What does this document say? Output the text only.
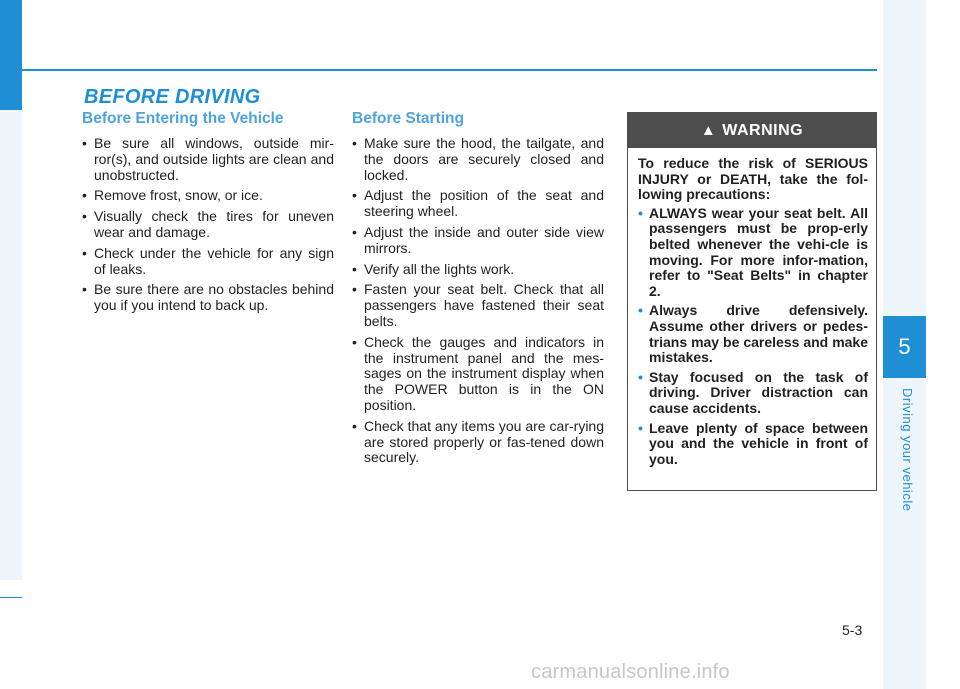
5
Driving your vehicle
BEFORE DRIVING
Before Entering the Vehicle
• Be sure all windows, outside mir-ror(s), and outside lights are clean and unobstructed.
• Remove frost, snow, or ice.
• Visually check the tires for uneven wear and damage.
• Check under the vehicle for any sign of leaks.
• Be sure there are no obstacles behind you if you intend to back up.
Before Starting
• Make sure the hood, the tailgate, and the doors are securely closed and locked.
• Adjust the position of the seat and steering wheel.
• Adjust the inside and outer side view mirrors.
• Verify all the lights work.
• Fasten your seat belt. Check that all passengers have fastened their seat belts.
• Check the gauges and indicators in the instrument panel and the mes-sages on the instrument display when the POWER button is in the ON position.
• Check that any items you are car-rying are stored properly or fas-tened down securely.
▲ WARNING

To reduce the risk of SERIOUS INJURY or DEATH, take the fol-lowing precautions:

• ALWAYS wear your seat belt. All passengers must be prop-erly belted whenever the vehi-cle is moving. For more infor-mation, refer to "Seat Belts" in chapter 2.
• Always drive defensively. Assume other drivers or pedes-trians may be careless and make mistakes.
• Stay focused on the task of driving. Driver distraction can cause accidents.
• Leave plenty of space between you and the vehicle in front of you.
5-3
carmanualsonline.info
